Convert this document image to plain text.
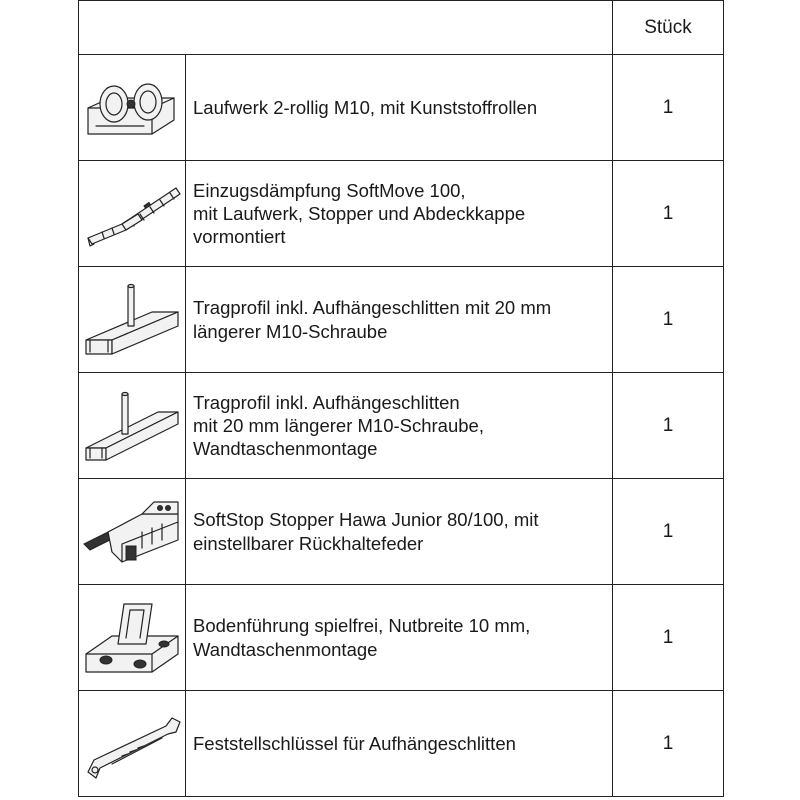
		Stück

Laufwerk 2-rollig M10, mit Kunststoffrollen	1

Einzugsdämpfung SoftMove 100,
mit Laufwerk, Stopper und Abdeckkappe
vormontiert	1

Tragprofil inkl. Aufhängeschlitten mit 20 mm
längerer M10-Schraube	1

Tragprofil inkl. Aufhängeschlitten
mit 20 mm längerer M10-Schraube,
Wandtaschenmontage	1

SoftStop Stopper Hawa Junior 80/100, mit
einstellbarer Rückhaltefeder	1

Bodenführung spielfrei, Nutbreite 10 mm,
Wandtaschenmontage	1

Feststellschlüssel für Aufhängeschlitten	1
